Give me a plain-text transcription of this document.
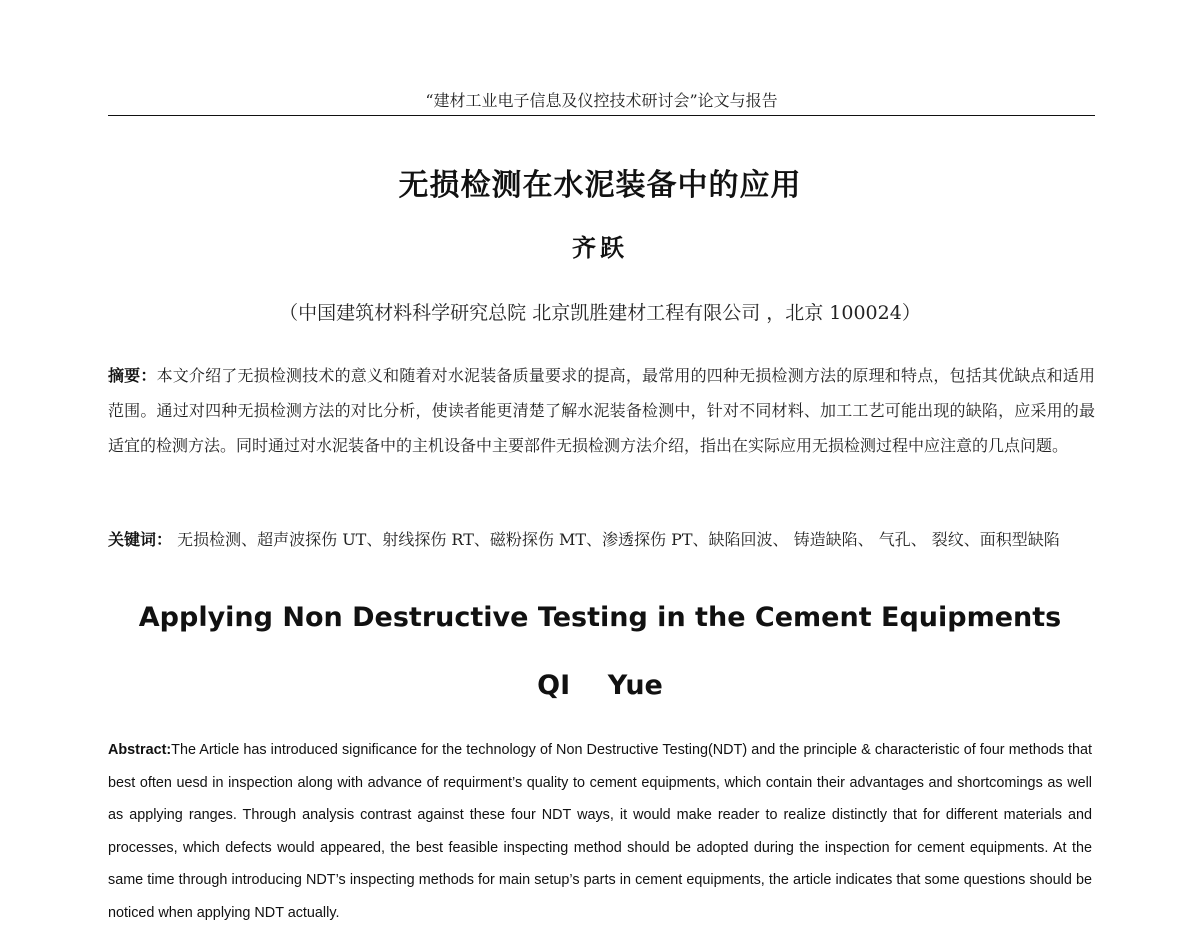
“建材工业电子信息及仪控技术研讨会”论文与报告
无损检测在水泥装备中的应用
齐跃
（中国建筑材料科学研究总院 北京凯胜建材工程有限公司 ，北京 100024）
摘要：本文介绍了无损检测技术的意义和随着对水泥装备质量要求的提高，最常用的四种无损检测方法的原理和特点，包括其优缺点和适用范围。通过对四种无损检测方法的对比分析，使读者能更清楚了解水泥装备检测中，针对不同材料、加工工艺可能出现的缺陷，应采用的最适宜的检测方法。同时通过对水泥装备中的主机设备中主要部件无损检测方法介绍，指出在实际应用无损检测过程中应注意的几点问题。
关键词： 无损检测、超声波探伤 UT、射线探伤 RT、磁粉探伤 MT、渗透探伤 PT、缺陷回波、 铸造缺陷、 气孔、 裂纹、面积型缺陷
Applying Non Destructive Testing in the Cement Equipments
QI    Yue
Abstract:The Article has introduced significance for the technology of Non Destructive Testing(NDT) and the principle & characteristic of four methods that best often uesd in inspection along with advance of requirment’s quality to cement equipments, which contain their advantages and shortcomings as well as applying ranges. Through analysis contrast against these four NDT ways, it would make reader to realize distinctly that for different materials and processes, which defects would appeared, the best feasible inspecting method should be adopted during the inspection for cement equipments. At the same time through introducing NDT’s inspecting methods for main setup’s parts in cement equipments, the article indicates that some questions should be noticed when applying NDT actually.
